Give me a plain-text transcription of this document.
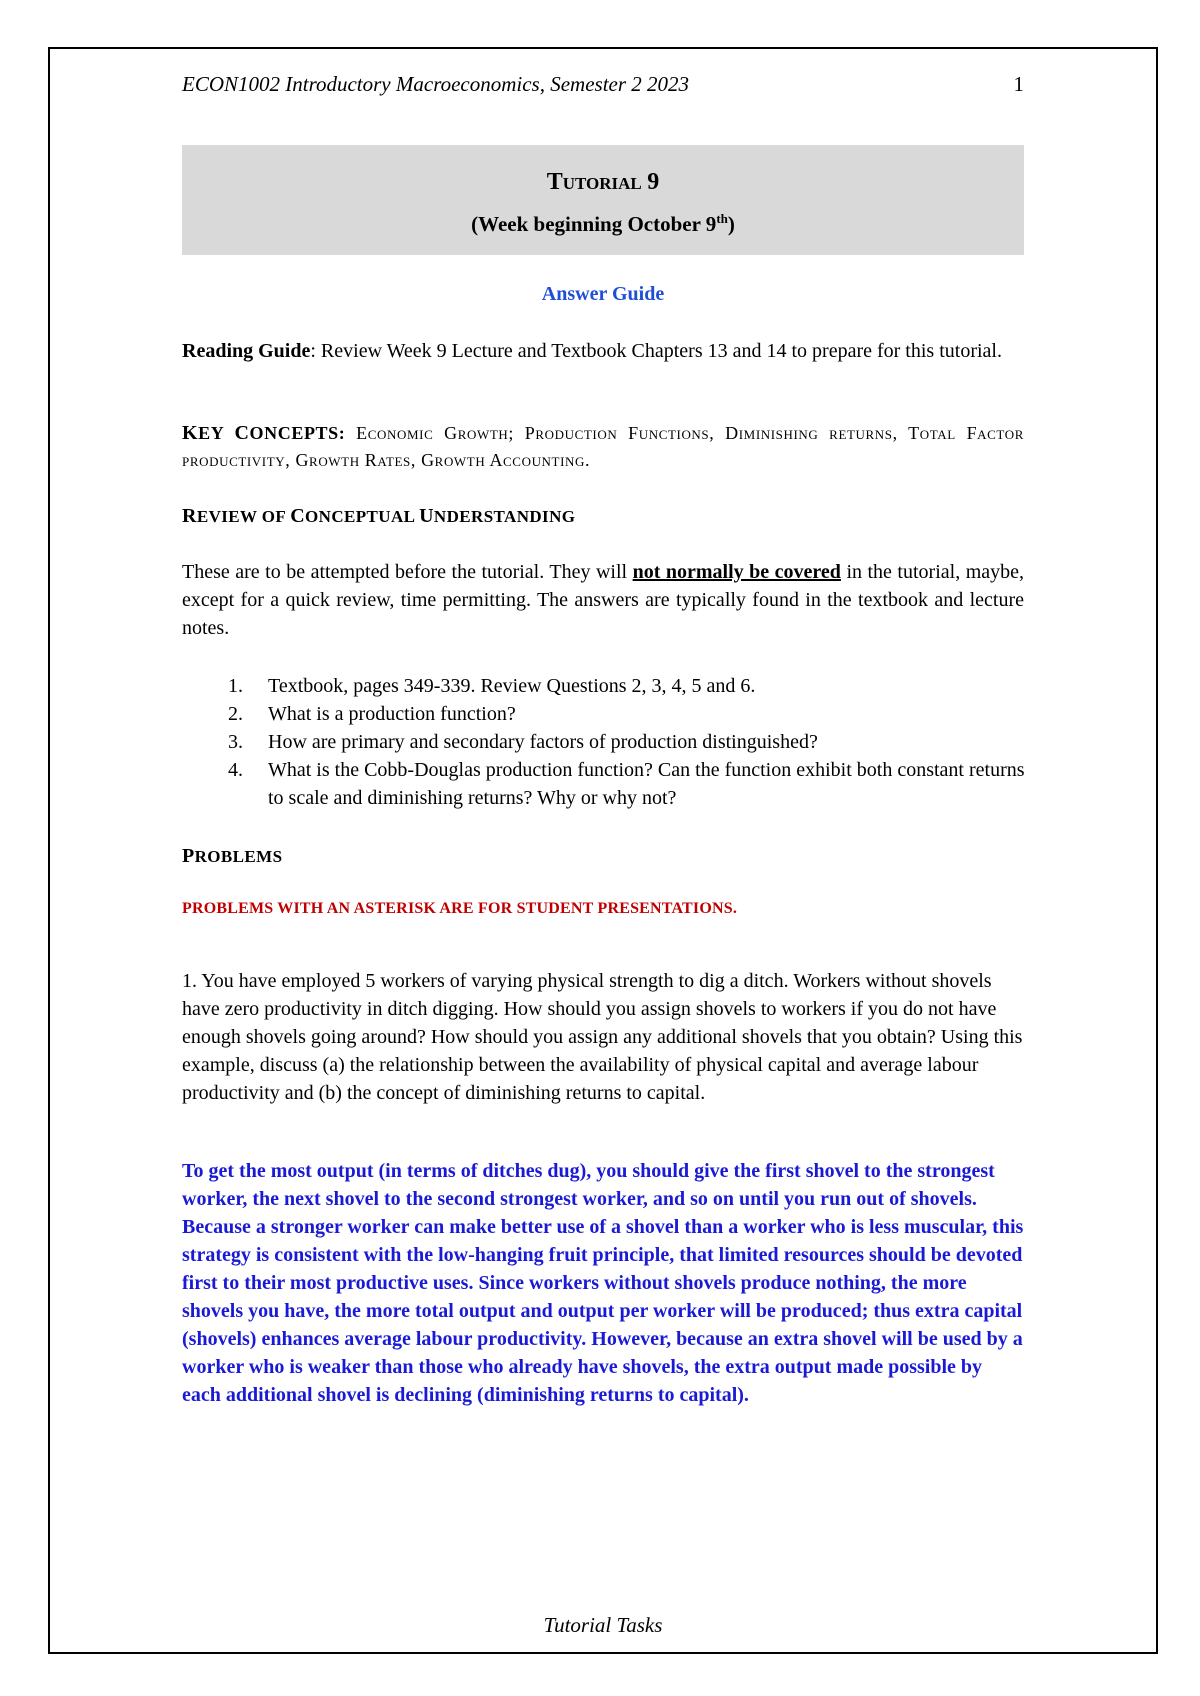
ECON1002 Introductory Macroeconomics, Semester 2 2023	1
TUTORIAL 9
(Week beginning October 9th)
Answer Guide
Reading Guide: Review Week 9 Lecture and Textbook Chapters 13 and 14 to prepare for this tutorial.
KEY CONCEPTS: Economic Growth; Production Functions, Diminishing returns, Total Factor productivity, Growth Rates, Growth Accounting.
REVIEW OF CONCEPTUAL UNDERSTANDING
These are to be attempted before the tutorial. They will not normally be covered in the tutorial, maybe, except for a quick review, time permitting. The answers are typically found in the textbook and lecture notes.
1. Textbook, pages 349-339. Review Questions 2, 3, 4, 5 and 6.
2. What is a production function?
3. How are primary and secondary factors of production distinguished?
4. What is the Cobb-Douglas production function? Can the function exhibit both constant returns to scale and diminishing returns? Why or why not?
PROBLEMS
PROBLEMS WITH AN ASTERISK ARE FOR STUDENT PRESENTATIONS.
1. You have employed 5 workers of varying physical strength to dig a ditch. Workers without shovels have zero productivity in ditch digging. How should you assign shovels to workers if you do not have enough shovels going around? How should you assign any additional shovels that you obtain? Using this example, discuss (a) the relationship between the availability of physical capital and average labour productivity and (b) the concept of diminishing returns to capital.
To get the most output (in terms of ditches dug), you should give the first shovel to the strongest worker, the next shovel to the second strongest worker, and so on until you run out of shovels. Because a stronger worker can make better use of a shovel than a worker who is less muscular, this strategy is consistent with the low-hanging fruit principle, that limited resources should be devoted first to their most productive uses. Since workers without shovels produce nothing, the more shovels you have, the more total output and output per worker will be produced; thus extra capital (shovels) enhances average labour productivity. However, because an extra shovel will be used by a worker who is weaker than those who already have shovels, the extra output made possible by each additional shovel is declining (diminishing returns to capital).
Tutorial Tasks
